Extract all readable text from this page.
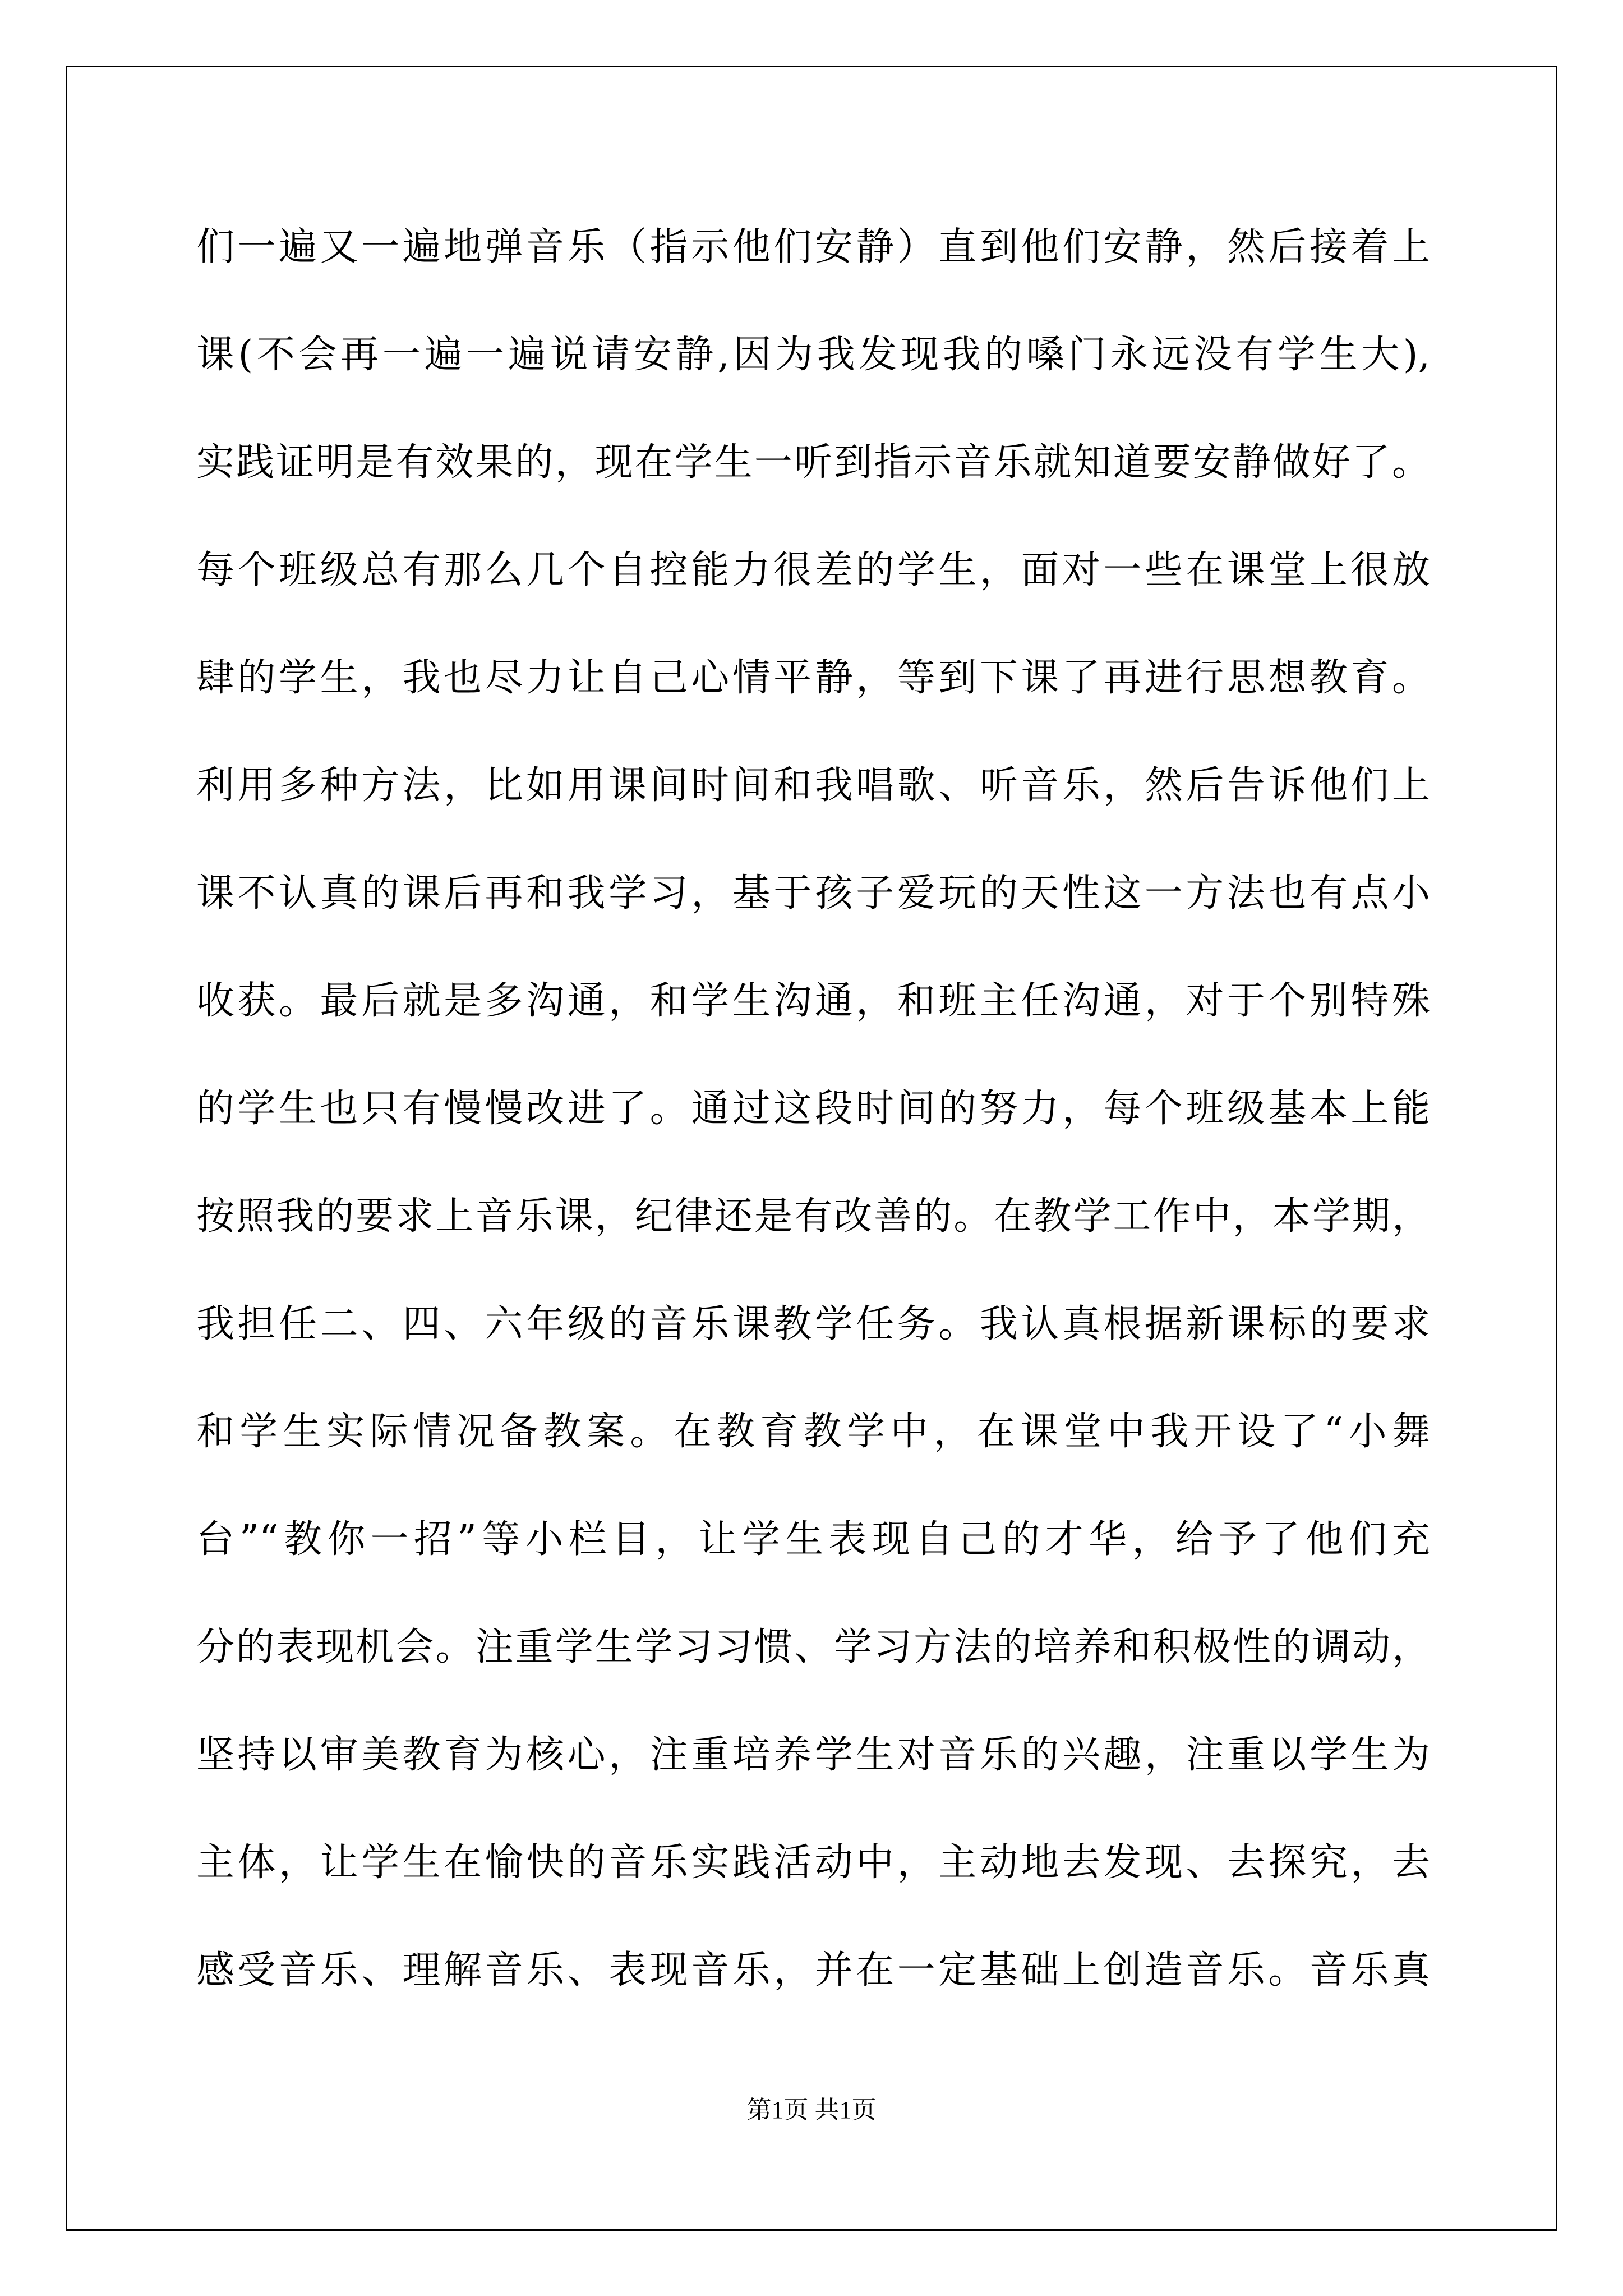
们一遍又一遍地弹音乐（指示他们安静）直到他们安静，然后接着上
课(不会再一遍一遍说请安静,因为我发现我的嗓门永远没有学生大),
实践证明是有效果的，现在学生一听到指示音乐就知道要安静做好了。
每个班级总有那么几个自控能力很差的学生，面对一些在课堂上很放
肆的学生，我也尽力让自己心情平静，等到下课了再进行思想教育。
利用多种方法，比如用课间时间和我唱歌、听音乐，然后告诉他们上
课不认真的课后再和我学习，基于孩子爱玩的天性这一方法也有点小
收获。最后就是多沟通，和学生沟通，和班主任沟通，对于个别特殊
的学生也只有慢慢改进了。通过这段时间的努力，每个班级基本上能
按照我的要求上音乐课，纪律还是有改善的。在教学工作中，本学期，
我担任二、四、六年级的音乐课教学任务。我认真根据新课标的要求
和学生实际情况备教案。在教育教学中，在课堂中我开设了“小舞
台”“教你一招”等小栏目，让学生表现自己的才华，给予了他们充
分的表现机会。注重学生学习习惯、学习方法的培养和积极性的调动，
坚持以审美教育为核心，注重培养学生对音乐的兴趣，注重以学生为
主体，让学生在愉快的音乐实践活动中，主动地去发现、去探究，去
感受音乐、理解音乐、表现音乐，并在一定基础上创造音乐。音乐真
第1页 共1页
